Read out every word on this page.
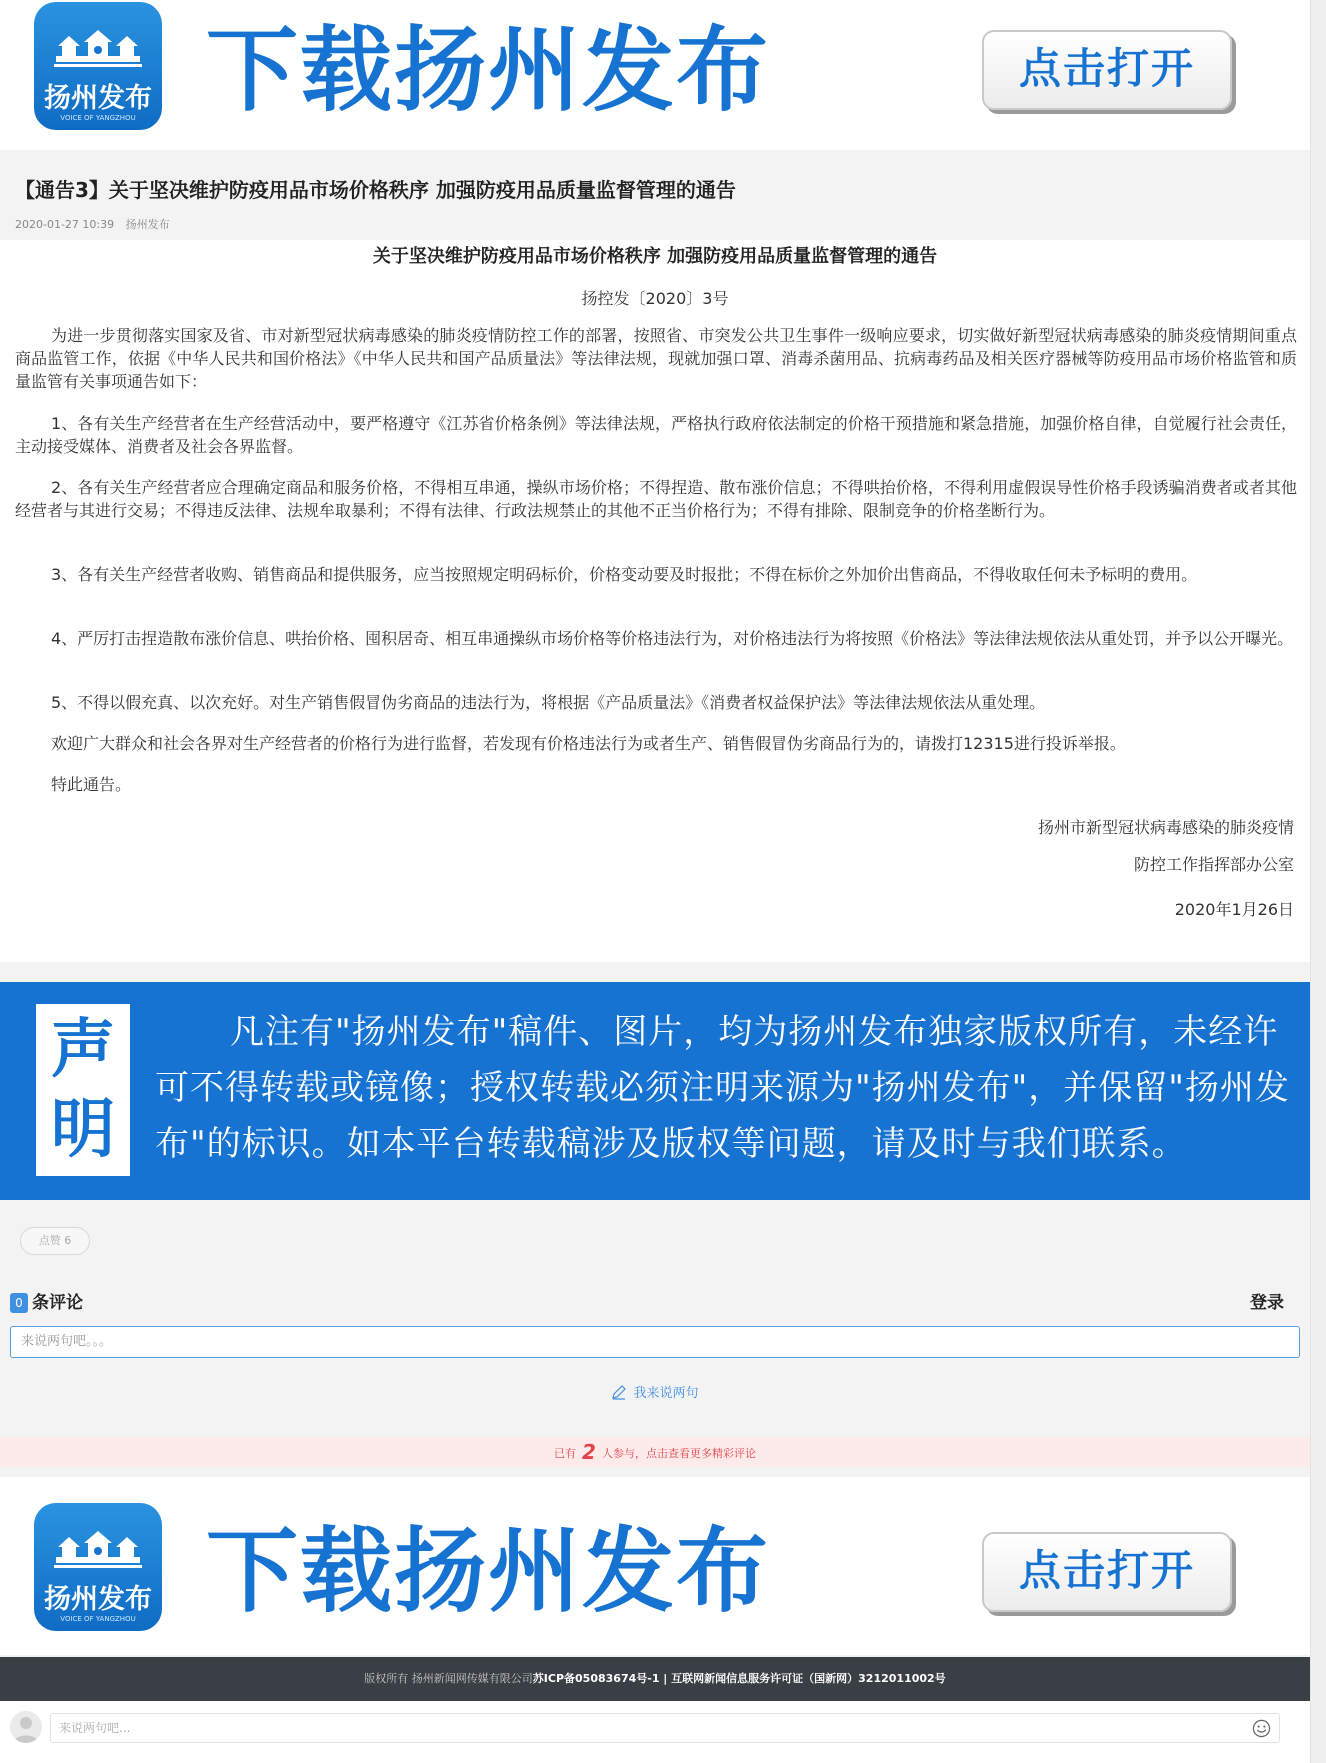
扬州发布
VOICE OF YANGZHOU 下载扬州发布	点击打开
【通告3】关于坚决维护防疫用品市场价格秩序 加强防疫用品质量监督管理的通告
2020-01-27 10:39 扬州发布
关于坚决维护防疫用品市场价格秩序 加强防疫用品质量监督管理的通告
扬控发〔2020〕3号

为进一步贯彻落实国家及省、市对新型冠状病毒感染的肺炎疫情防控工作的部署，按照省、市突发公共卫生事件一级响应要求，切实做好新型冠状病毒感染的肺炎疫情期间重点商品监管工作，依据《中华人民共和国价格法》《中华人民共和国产品质量法》等法律法规，现就加强口罩、消毒杀菌用品、抗病毒药品及相关医疗器械等防疫用品市场价格监管和质量监管有关事项通告如下：

1、各有关生产经营者在生产经营活动中，要严格遵守《江苏省价格条例》等法律法规，严格执行政府依法制定的价格干预措施和紧急措施，加强价格自律，自觉履行社会责任，主动接受媒体、消费者及社会各界监督。

2、各有关生产经营者应合理确定商品和服务价格，不得相互串通，操纵市场价格；不得捏造、散布涨价信息；不得哄抬价格，不得利用虚假误导性价格手段诱骗消费者或者其他经营者与其进行交易；不得违反法律、法规牟取暴利；不得有法律、行政法规禁止的其他不正当价格行为；不得有排除、限制竞争的价格垄断行为。

3、各有关生产经营者收购、销售商品和提供服务，应当按照规定明码标价，价格变动要及时报批；不得在标价之外加价出售商品，不得收取任何未予标明的费用。

4、严厉打击捏造散布涨价信息、哄抬价格、囤积居奇、相互串通操纵市场价格等价格违法行为，对价格违法行为将按照《价格法》等法律法规依法从重处罚，并予以公开曝光。

5、不得以假充真、以次充好。对生产销售假冒伪劣商品的违法行为，将根据《产品质量法》《消费者权益保护法》等法律法规依法从重处理。

欢迎广大群众和社会各界对生产经营者的价格行为进行监督，若发现有价格违法行为或者生产、销售假冒伪劣商品行为的，请拨打12315进行投诉举报。

特此通告。

扬州市新型冠状病毒感染的肺炎疫情
防控工作指挥部办公室
2020年1月26日
声
明
凡注有"扬州发布"稿件、图片，均为扬州发布独家版权所有，未经许可不得转载或镜像；授权转载必须注明来源为"扬州发布"，并保留"扬州发布"的标识。如本平台转载稿涉及版权等问题，请及时与我们联系。
点赞 6
0 条评论	登录
来说两句吧。。。
我来说两句
已有 2 人参与，点击查看更多精彩评论
扬州发布
VOICE OF YANGZHOU 下载扬州发布	点击打开
版权所有 扬州新闻网传媒有限公司苏ICP备05083674号-1 | 互联网新闻信息服务许可证（国新网）3212011002号
来说两句吧...
